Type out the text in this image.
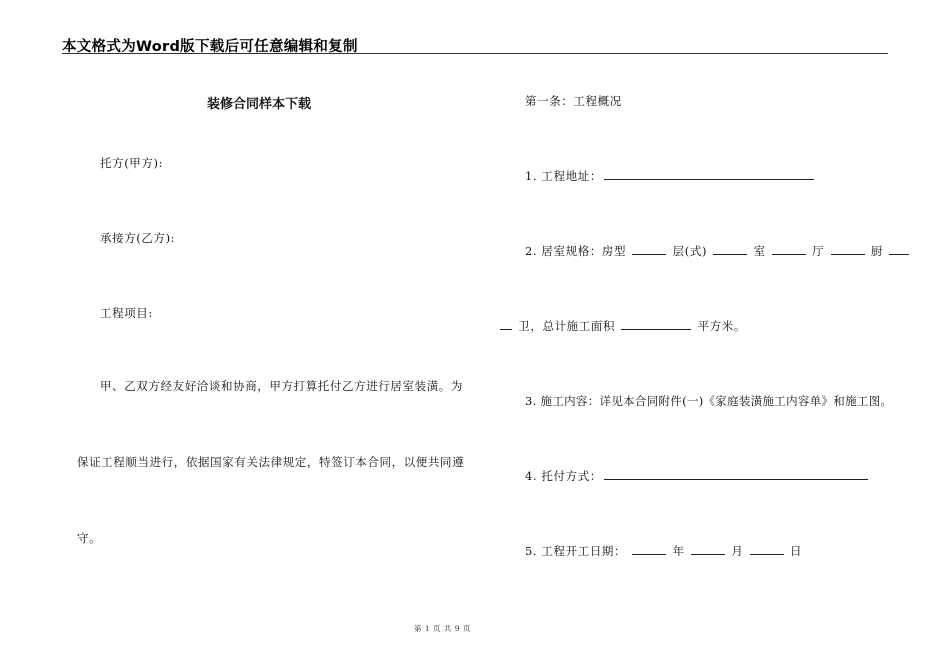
本文格式为Word版下载后可任意编辑和复制
装修合同样本下载
托方(甲方):
承接方(乙方):
工程项目:
甲、乙双方经友好洽谈和协商，甲方打算托付乙方进行居室装潢。为
保证工程顺当进行，依据国家有关法律规定，特签订本合同，以便共同遵
守。
第一条：工程概况
1. 工程地址：
2. 居室规格：房型	层(式)	室	厅	厨
卫，总计施工面积	平方米。
3. 施工内容：详见本合同附件(一)《家庭装潢施工内容单》和施工图。
4. 托付方式：
5. 工程开工日期：	年	月	日
第 1 页 共 9 页
